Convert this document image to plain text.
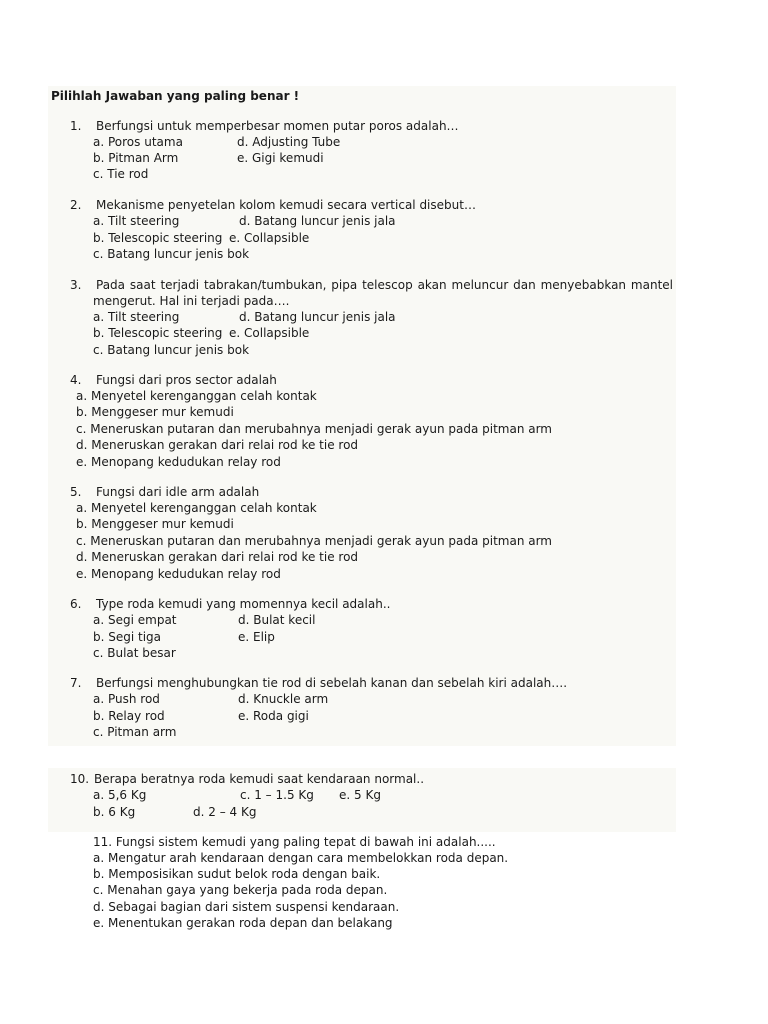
Pilihlah Jawaban yang paling benar !
1. Berfungsi untuk memperbesar momen putar poros adalah…
a. Poros utama	d. Adjusting Tube
b. Pitman Arm	e. Gigi kemudi
c. Tie rod
2. Mekanisme penyetelan kolom kemudi secara vertical disebut…
a. Tilt steering	d. Batang luncur jenis jala
b. Telescopic steering e. Collapsible
c. Batang luncur jenis bok
3. Pada saat terjadi tabrakan/tumbukan, pipa telescop akan meluncur dan menyebabkan mantel
mengerut. Hal ini terjadi pada….
a. Tilt steering	d. Batang luncur jenis jala
b. Telescopic steering e. Collapsible
c. Batang luncur jenis bok
4. Fungsi dari pros sector adalah
a. Menyetel kerenganggan celah kontak
b. Menggeser mur kemudi
c. Meneruskan putaran dan merubahnya menjadi gerak ayun pada pitman arm
d. Meneruskan gerakan dari relai rod ke tie rod
e. Menopang kedudukan relay rod
5. Fungsi dari idle arm adalah
a. Menyetel kerenganggan celah kontak
b. Menggeser mur kemudi
c. Meneruskan putaran dan merubahnya menjadi gerak ayun pada pitman arm
d. Meneruskan gerakan dari relai rod ke tie rod
e. Menopang kedudukan relay rod
6. Type roda kemudi yang momennya kecil adalah..
a. Segi empat	d. Bulat kecil
b. Segi tiga	e. Elip
c. Bulat besar
7. Berfungsi menghubungkan tie rod di sebelah kanan dan sebelah kiri adalah….
a. Push rod	d. Knuckle arm
b. Relay rod	e. Roda gigi
c. Pitman arm
10. Berapa beratnya roda kemudi saat kendaraan normal..
a. 5,6 Kg	c. 1 – 1.5 Kg e. 5 Kg
b. 6 Kg	d. 2 – 4 Kg
11. Fungsi sistem kemudi yang paling tepat di bawah ini adalah.....
a. Mengatur arah kendaraan dengan cara membelokkan roda depan.
b. Memposisikan sudut belok roda dengan baik.
c. Menahan gaya yang bekerja pada roda depan.
d. Sebagai bagian dari sistem suspensi kendaraan.
e. Menentukan gerakan roda depan dan belakang
